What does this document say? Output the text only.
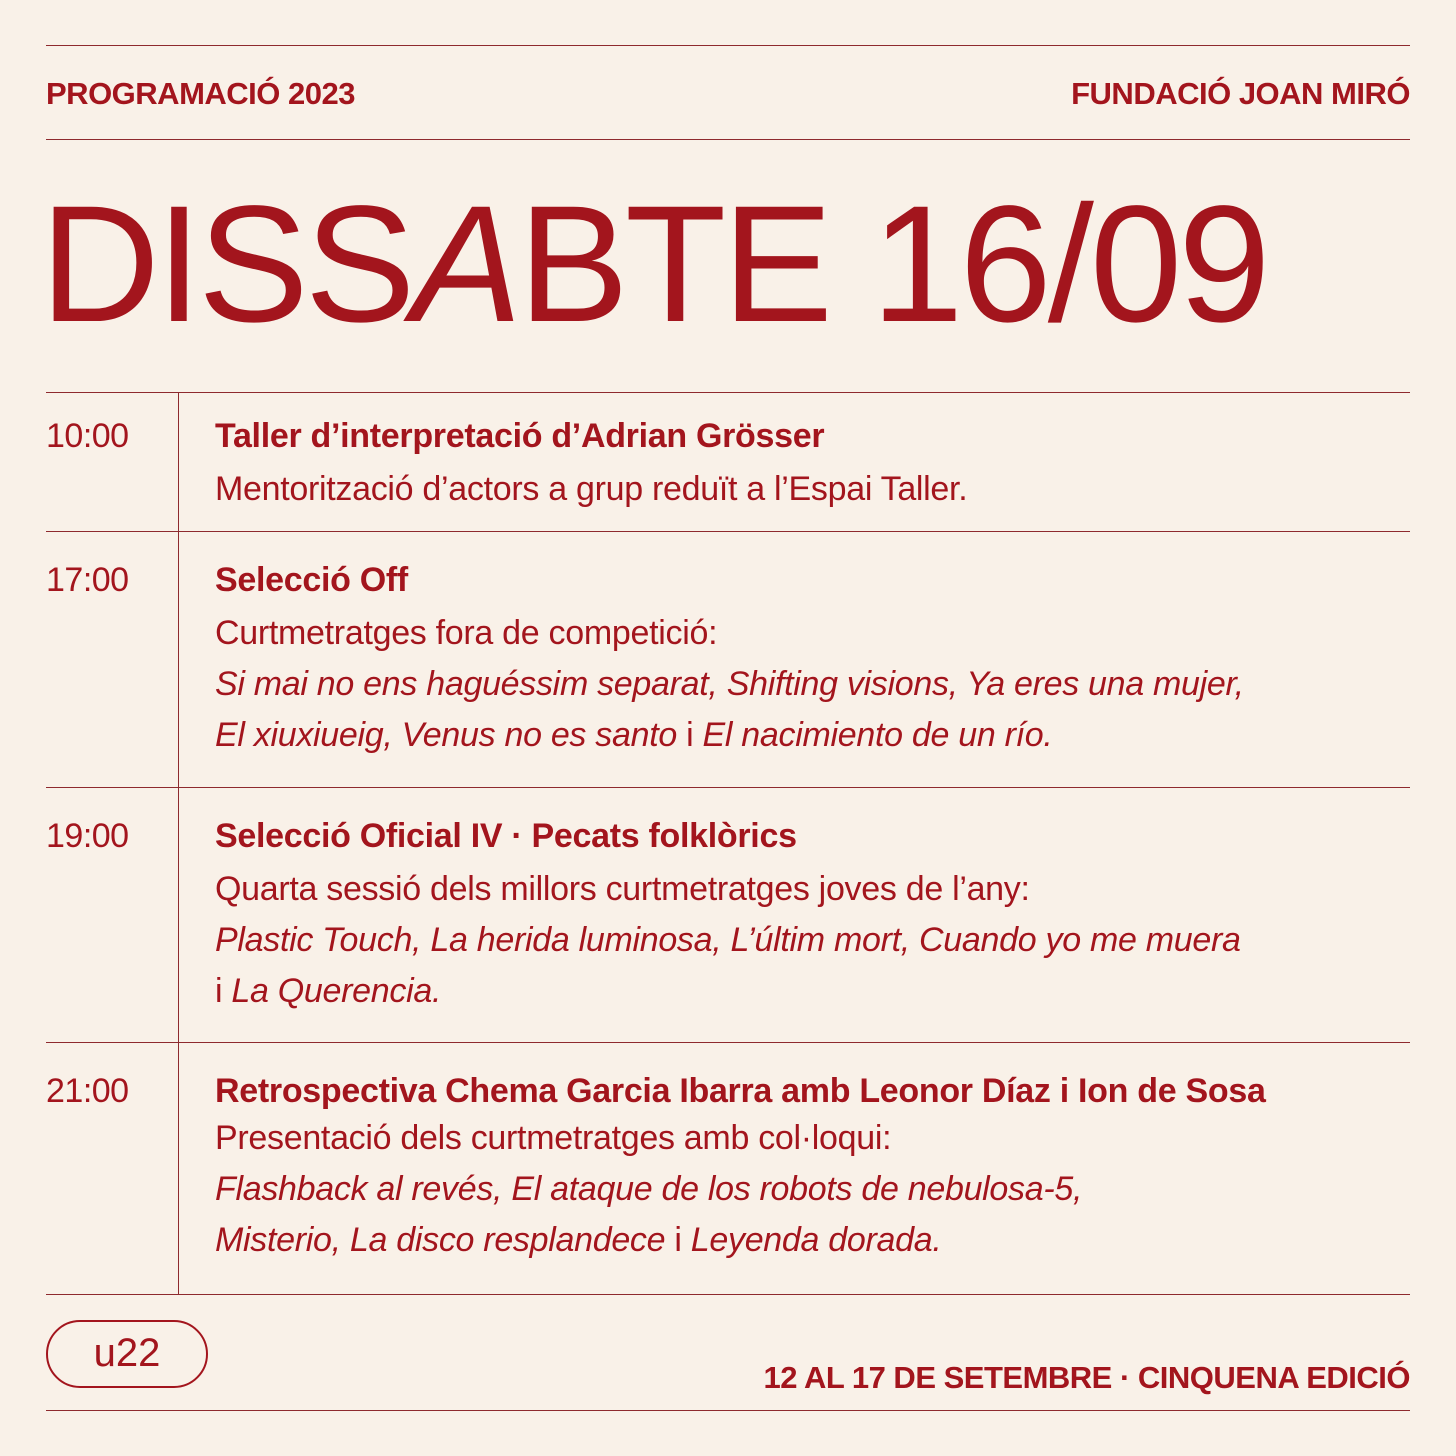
PROGRAMACIÓ 2023	FUNDACIÓ JOAN MIRÓ
DISSABTE 16/09
10:00	Taller d’interpretació d’Adrian Grösser
Mentorització d’actors a grup reduït a l’Espai Taller.
17:00	Selecció Off
Curtmetratges fora de competició:
Si mai no ens haguéssim separat, Shifting visions, Ya eres una mujer,
El xiuxiueig, Venus no es santo i El nacimiento de un río.
19:00	Selecció Oficial IV · Pecats folklòrics
Quarta sessió dels millors curtmetratges joves de l’any:
Plastic Touch, La herida luminosa, L’últim mort, Cuando yo me muera
i La Querencia.
21:00	Retrospectiva Chema Garcia Ibarra amb Leonor Díaz i Ion de Sosa
Presentació dels curtmetratges amb col·loqui:
Flashback al revés, El ataque de los robots de nebulosa-5,
Misterio, La disco resplandece i Leyenda dorada.
u22
12 AL 17 DE SETEMBRE · CINQUENA EDICIÓ
